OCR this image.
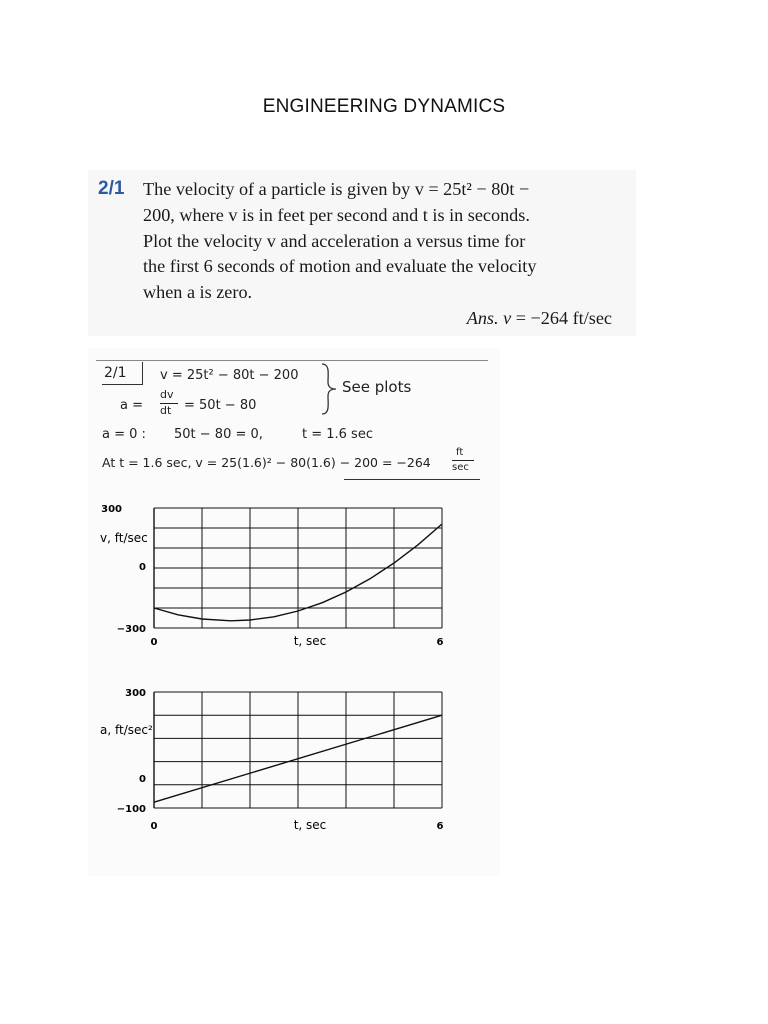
ENGINEERING DYNAMICS
2/1 The velocity of a particle is given by v = 25t² − 80t −
200, where v is in feet per second and t is in seconds.
Plot the velocity v and acceleration a versus time for
the first 6 seconds of motion and evaluate the velocity
when a is zero.
Ans. v = −264 ft/sec
2/1	v = 25t² − 80t − 200
See plots
a =
dv
dt = 50t − 80
a = 0 : 50t − 80 = 0,	t = 1.6 sec
At t = 1.6 sec, v = 25(1.6)² − 80(1.6) − 200 = −264
ft
sec
300
0
−300
v, ft/sec
0	6
t, sec
300
0
−100
a, ft/sec²
0	6
t, sec
